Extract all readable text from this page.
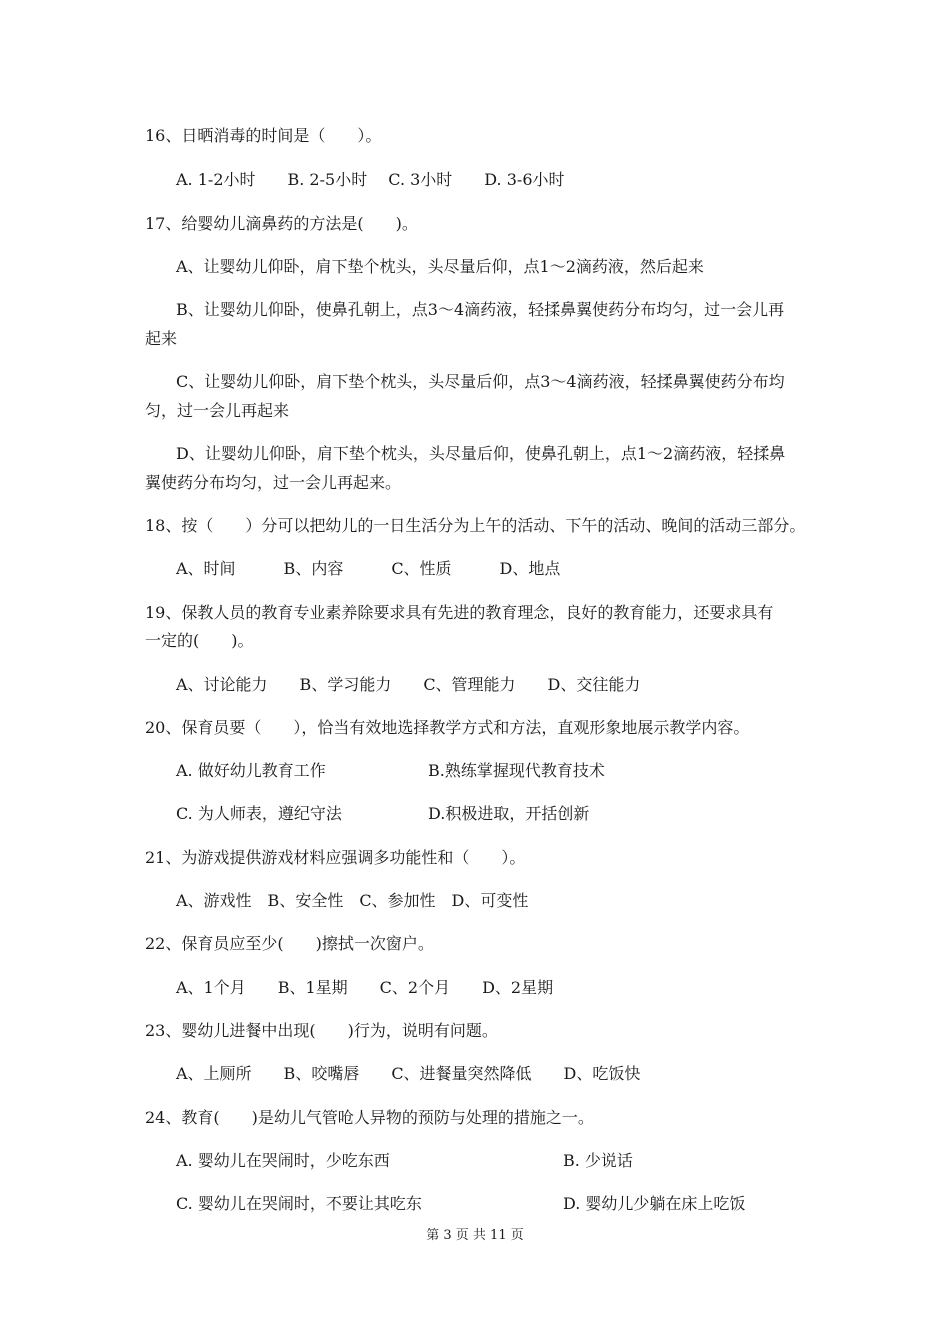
16、日晒消毒的时间是（　　）。
A. 1-2小时　　B. 2-5小时　 C. 3小时　　D. 3-6小时
17、给婴幼儿滴鼻药的方法是(　　)。
A、让婴幼儿仰卧，肩下垫个枕头，头尽量后仰，点1～2滴药液，然后起来
B、让婴幼儿仰卧，使鼻孔朝上，点3～4滴药液，轻揉鼻翼使药分布均匀，过一会儿再
起来
C、让婴幼儿仰卧，肩下垫个枕头，头尽量后仰，点3～4滴药液，轻揉鼻翼使药分布均
匀，过一会儿再起来
D、让婴幼儿仰卧，肩下垫个枕头，头尽量后仰，使鼻孔朝上，点1～2滴药液，轻揉鼻
翼使药分布均匀，过一会儿再起来。
18、按（　　）分可以把幼儿的一日生活分为上午的活动、下午的活动、晚间的活动三部分。
A、时间　　　B、内容　　　C、性质　　　D、地点
19、保教人员的教育专业素养除要求具有先进的教育理念，良好的教育能力，还要求具有
一定的(　　)。
A、讨论能力　　B、学习能力　　C、管理能力　　D、交往能力
20、保育员要（　　），恰当有效地选择教学方式和方法，直观形象地展示教学内容。
A. 做好幼儿教育工作	B.熟练掌握现代教育技术
C. 为人师表，遵纪守法	D.积极进取，开括创新
21、为游戏提供游戏材料应强调多功能性和（　　）。
A、游戏性　B、安全性　C、参加性　D、可变性
22、保育员应至少(　　)擦拭一次窗户。
A、1个月　　B、1星期　　C、2个月　　D、2星期
23、婴幼儿进餐中出现(　　)行为，说明有问题。
A、上厕所　　B、咬嘴唇　　C、进餐量突然降低　　D、吃饭快
24、教育(　　)是幼儿气管呛人异物的预防与处理的措施之一。
A. 婴幼儿在哭闹时，少吃东西	B. 少说话
C. 婴幼儿在哭闹时，不要让其吃东	D. 婴幼儿少躺在床上吃饭
第 3 页 共 11 页
